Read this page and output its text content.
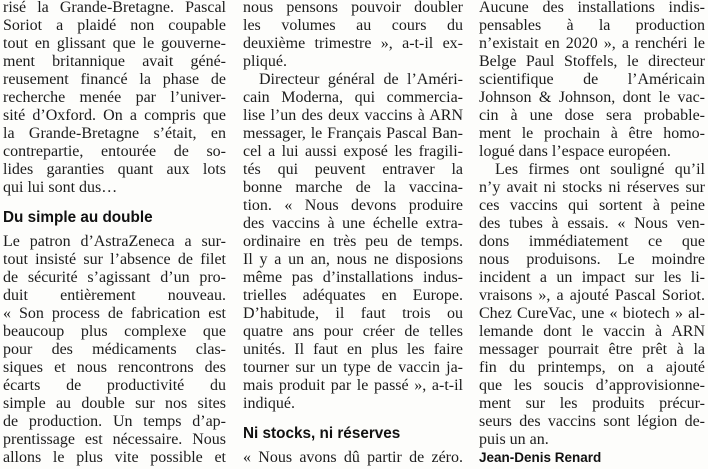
risé la Grande-Bretagne. Pascal
Soriot a plaidé non coupable
tout en glissant que le gouverne-
ment britannique avait géné-
reusement financé la phase de
recherche menée par l’univer-
sité d’Oxford. On a compris que
la Grande-Bretagne s’était, en
contrepartie, entourée de so-
lides garanties quant aux lots
qui lui sont dus…
Du simple au double
Le patron d’AstraZeneca a sur-
tout insisté sur l’absence de filet
de sécurité s’agissant d’un pro-
duit entièrement nouveau.
« Son process de fabrication est
beaucoup plus complexe que
pour des médicaments clas-
siques et nous rencontrons des
écarts de productivité du
simple au double sur nos sites
de production. Un temps d’ap-
prentissage est nécessaire. Nous
allons le plus vite possible et
nous pensons pouvoir doubler
les volumes au cours du
deuxième trimestre », a-t-il ex-
pliqué.
Directeur général de l’Améri-
cain Moderna, qui commercia-
lise l’un des deux vaccins à ARN
messager, le Français Pascal Ban-
cel a lui aussi exposé les fragili-
tés qui peuvent entraver la
bonne marche de la vaccina-
tion. « Nous devons produire
des vaccins à une échelle extra-
ordinaire en très peu de temps.
Il y a un an, nous ne disposions
même pas d’installations indus-
trielles adéquates en Europe.
D’habitude, il faut trois ou
quatre ans pour créer de telles
unités. Il faut en plus les faire
tourner sur un type de vaccin ja-
mais produit par le passé », a-t-il
indiqué.
Ni stocks, ni réserves
« Nous avons dû partir de zéro.
Aucune des installations indis-
pensables à la production
n’existait en 2020 », a renchéri le
Belge Paul Stoffels, le directeur
scientifique de l’Américain
Johnson & Johnson, dont le vac-
cin à une dose sera probable-
ment le prochain à être homo-
logué dans l’espace européen.
Les firmes ont souligné qu’il
n’y avait ni stocks ni réserves sur
ces vaccins qui sortent à peine
des tubes à essais. « Nous ven-
dons immédiatement ce que
nous produisons. Le moindre
incident a un impact sur les li-
vraisons », a ajouté Pascal Soriot.
Chez CureVac, une « biotech » al-
lemande dont le vaccin à ARN
messager pourrait être prêt à la
fin du printemps, on a ajouté
que les soucis d’approvisionne-
ment sur les produits précur-
seurs des vaccins sont légion de-
puis un an.
Jean-Denis Renard
